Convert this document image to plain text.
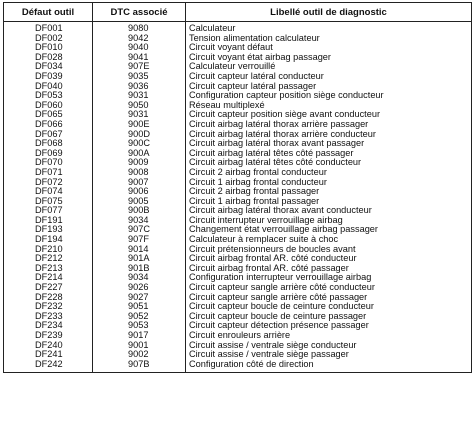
Défaut outil	DTC associé	Libellé outil de diagnostic
DF001	9080	Calculateur
DF002	9042	Tension alimentation calculateur
DF010	9040	Circuit voyant défaut
DF028	9041	Circuit voyant état airbag passager
DF034	907E	Calculateur verrouillé
DF039	9035	Circuit capteur latéral conducteur
DF040	9036	Circuit capteur latéral passager
DF053	9031	Configuration capteur position siège conducteur
DF060	9050	Réseau multiplexé
DF065	9031	Circuit capteur position siège avant conducteur
DF066	900E	Circuit airbag latéral thorax arrière passager
DF067	900D	Circuit airbag latéral thorax arrière conducteur
DF068	900C	Circuit airbag latéral thorax avant passager
DF069	900A	Circuit airbag latéral têtes côté passager
DF070	9009	Circuit airbag latéral têtes côté conducteur
DF071	9008	Circuit 2 airbag frontal conducteur
DF072	9007	Circuit 1 airbag frontal conducteur
DF074	9006	Circuit 2 airbag frontal passager
DF075	9005	Circuit 1 airbag frontal passager
DF077	900B	Circuit airbag latéral thorax avant conducteur
DF191	9034	Circuit interrupteur verrouillage airbag
DF193	907C	Changement état verrouillage airbag passager
DF194	907F	Calculateur à remplacer suite à choc
DF210	9014	Circuit prétensionneurs de boucles avant
DF212	901A	Circuit airbag frontal AR. côté conducteur
DF213	901B	Circuit airbag frontal AR. côté passager
DF214	9034	Configuration interrupteur verrouillage airbag
DF227	9026	Circuit capteur sangle arrière côté conducteur
DF228	9027	Circuit capteur sangle arrière côté passager
DF232	9051	Circuit capteur boucle de ceinture conducteur
DF233	9052	Circuit capteur boucle de ceinture passager
DF234	9053	Circuit capteur détection présence passager
DF239	9017	Circuit enrouleurs arrière
DF240	9001	Circuit assise / ventrale siège conducteur
DF241	9002	Circuit assise / ventrale siège passager
DF242	907B	Configuration côté de direction
